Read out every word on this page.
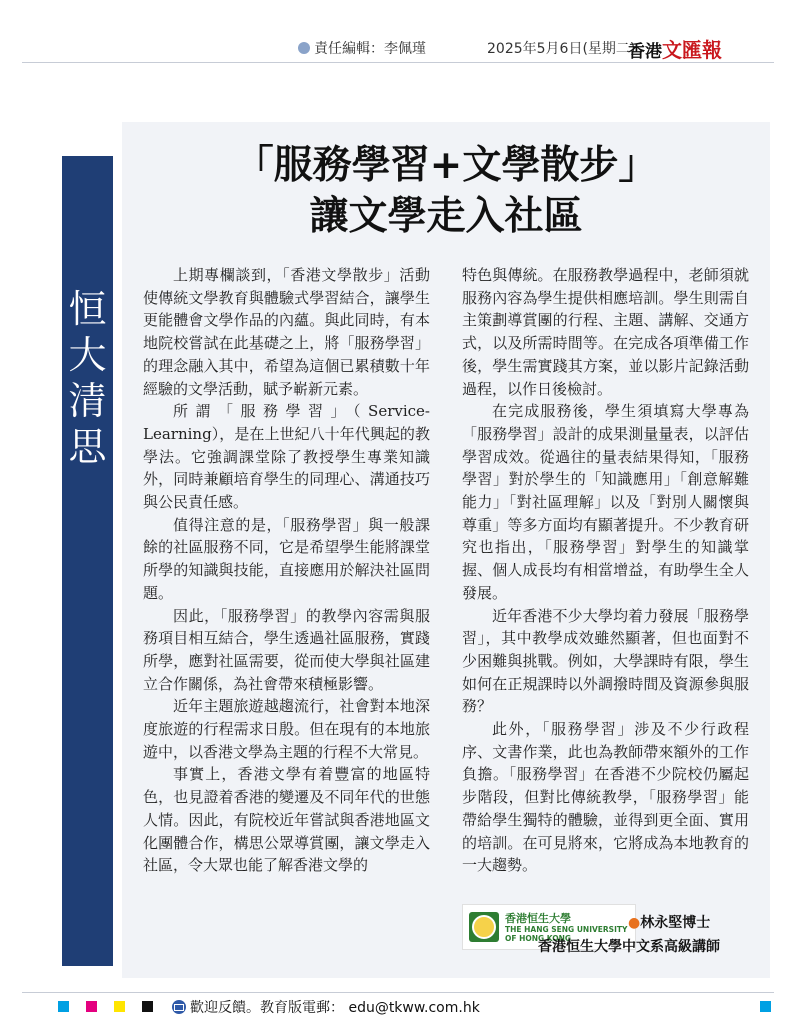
責任編輯：李佩瑾	2025年5月6日(星期二)
香港文匯報
恒
大
清
思
「服務學習+文學散步」
讓文學走入社區

上期專欄談到，「香港文學散步」活動使傳統文學教育與體驗式學習結合，讓學生更能體會文學作品的內蘊。與此同時，有本地院校嘗試在此基礎之上，將「服務學習」的理念融入其中，希望為這個已累積數十年經驗的文學活動，賦予嶄新元素。

所謂「服務學習」（Service-Learning），是在上世紀八十年代興起的教學法。它強調課堂除了教授學生專業知識外，同時兼顧培育學生的同理心、溝通技巧與公民責任感。

值得注意的是，「服務學習」與一般課餘的社區服務不同，它是希望學生能將課堂所學的知識與技能，直接應用於解決社區問題。

因此，「服務學習」的教學內容需與服務項目相互結合，學生透過社區服務，實踐所學，應對社區需要，從而使大學與社區建立合作關係，為社會帶來積極影響。

近年主題旅遊越趨流行，社會對本地深度旅遊的行程需求日殷。但在現有的本地旅遊中，以香港文學為主題的行程不大常見。

事實上，香港文學有着豐富的地區特色，也見證着香港的變遷及不同年代的世態人情。因此，有院校近年嘗試與香港地區文化團體合作，構思公眾導賞團，讓文學走入社區，令大眾也能了解香港文學的

特色與傳統。在服務教學過程中，老師須就服務內容為學生提供相應培訓。學生則需自主策劃導賞團的行程、主題、講解、交通方式，以及所需時間等。在完成各項準備工作後，學生需實踐其方案，並以影片記錄活動過程，以作日後檢討。

在完成服務後，學生須填寫大學專為「服務學習」設計的成果測量量表，以評估學習成效。從過往的量表結果得知，「服務學習」對於學生的「知識應用」「創意解難能力」「對社區理解」以及「對別人關懷與尊重」等多方面均有顯著提升。不少教育研究也指出，「服務學習」對學生的知識掌握、個人成長均有相當增益，有助學生全人發展。

近年香港不少大學均着力發展「服務學習」，其中教學成效雖然顯著，但也面對不少困難與挑戰。例如，大學課時有限，學生如何在正規課時以外調撥時間及資源參與服務？

此外，「服務學習」涉及不少行政程序、文書作業，此也為教師帶來額外的工作負擔。「服務學習」在香港不少院校仍屬起步階段，但對比傳統教學，「服務學習」能帶給學生獨特的體驗，並得到更全面、實用的培訓。在可見將來，它將成為本地教育的一大趨勢。

香港恒生大學
THE HANG SENG UNIVERSITY
OF HONG KONG
●林永堅博士
香港恒生大學中文系高級講師
歡迎反饋。教育版電郵： edu@tkww.com.hk
